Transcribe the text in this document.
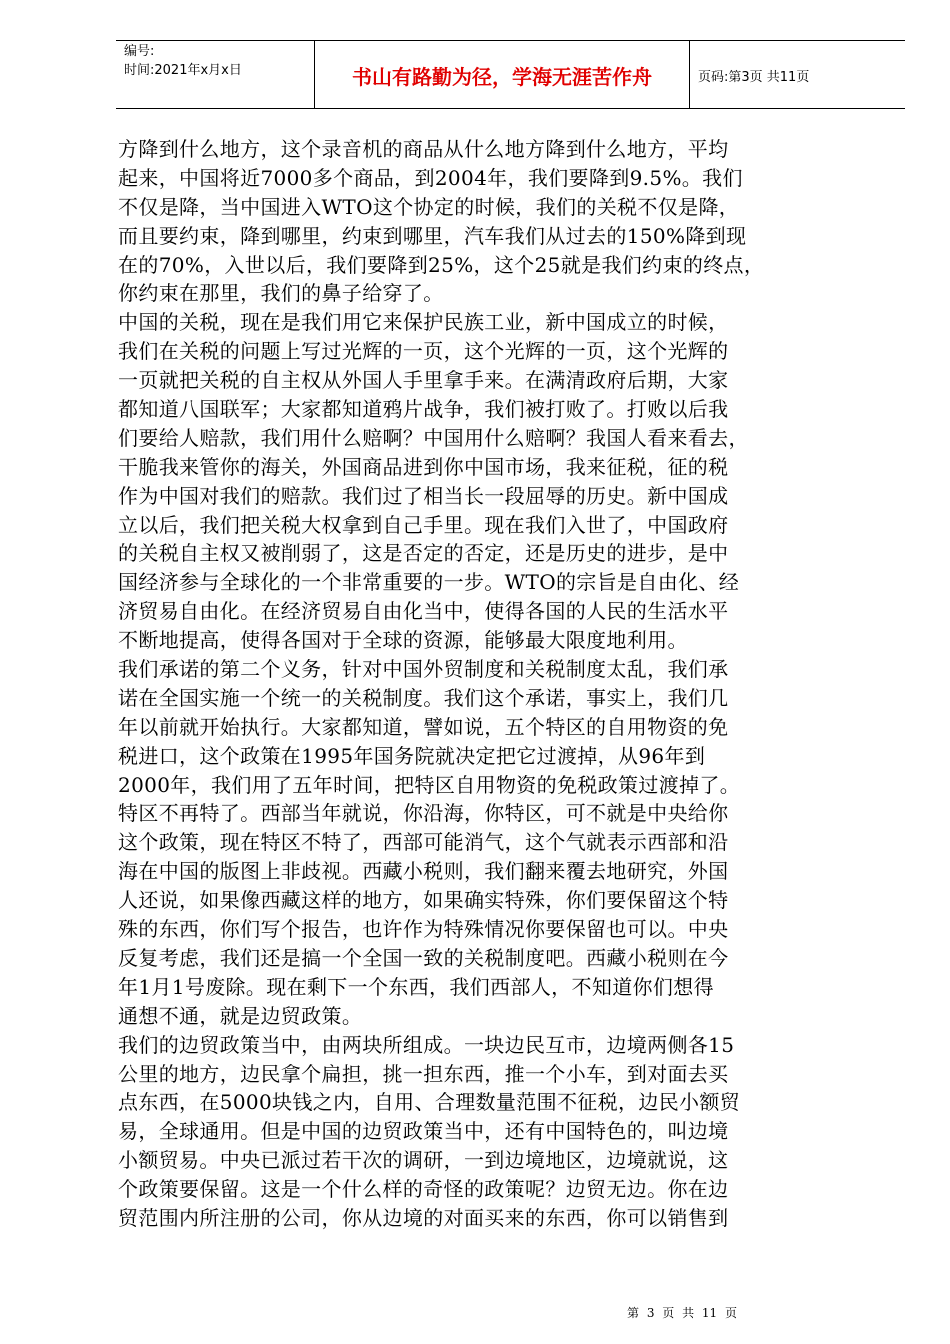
编号:
时间:2021年x月x日	书山有路勤为径，学海无涯苦作舟	页码:第3页 共11页
方降到什么地方，这个录音机的商品从什么地方降到什么地方，平均
起来，中国将近7000多个商品，到2004年，我们要降到9.5%。我们
不仅是降，当中国进入WTO这个协定的时候，我们的关税不仅是降，
而且要约束，降到哪里，约束到哪里，汽车我们从过去的150%降到现
在的70%，入世以后，我们要降到25%，这个25就是我们约束的终点，
你约束在那里，我们的鼻子给穿了。
中国的关税，现在是我们用它来保护民族工业，新中国成立的时候，
我们在关税的问题上写过光辉的一页，这个光辉的一页，这个光辉的
一页就把关税的自主权从外国人手里拿手来。在满清政府后期，大家
都知道八国联军；大家都知道鸦片战争，我们被打败了。打败以后我
们要给人赔款，我们用什么赔啊？中国用什么赔啊？我国人看来看去，
干脆我来管你的海关，外国商品进到你中国市场，我来征税，征的税
作为中国对我们的赔款。我们过了相当长一段屈辱的历史。新中国成
立以后，我们把关税大权拿到自己手里。现在我们入世了，中国政府
的关税自主权又被削弱了，这是否定的否定，还是历史的进步，是中
国经济参与全球化的一个非常重要的一步。WTO的宗旨是自由化、经
济贸易自由化。在经济贸易自由化当中，使得各国的人民的生活水平
不断地提高，使得各国对于全球的资源，能够最大限度地利用。
我们承诺的第二个义务，针对中国外贸制度和关税制度太乱，我们承
诺在全国实施一个统一的关税制度。我们这个承诺，事实上，我们几
年以前就开始执行。大家都知道，譬如说，五个特区的自用物资的免
税进口，这个政策在1995年国务院就决定把它过渡掉，从96年到
2000年，我们用了五年时间，把特区自用物资的免税政策过渡掉了。
特区不再特了。西部当年就说，你沿海，你特区，可不就是中央给你
这个政策，现在特区不特了，西部可能消气，这个气就表示西部和沿
海在中国的版图上非歧视。西藏小税则，我们翻来覆去地研究，外国
人还说，如果像西藏这样的地方，如果确实特殊，你们要保留这个特
殊的东西，你们写个报告，也许作为特殊情况你要保留也可以。中央
反复考虑，我们还是搞一个全国一致的关税制度吧。西藏小税则在今
年1月1号废除。现在剩下一个东西，我们西部人，不知道你们想得
通想不通，就是边贸政策。
我们的边贸政策当中，由两块所组成。一块边民互市，边境两侧各15
公里的地方，边民拿个扁担，挑一担东西，推一个小车，到对面去买
点东西，在5000块钱之内，自用、合理数量范围不征税，边民小额贸
易，全球通用。但是中国的边贸政策当中，还有中国特色的，叫边境
小额贸易。中央已派过若干次的调研，一到边境地区，边境就说，这
个政策要保留。这是一个什么样的奇怪的政策呢？边贸无边。你在边
贸范围内所注册的公司，你从边境的对面买来的东西，你可以销售到
第 3 页 共 11 页
